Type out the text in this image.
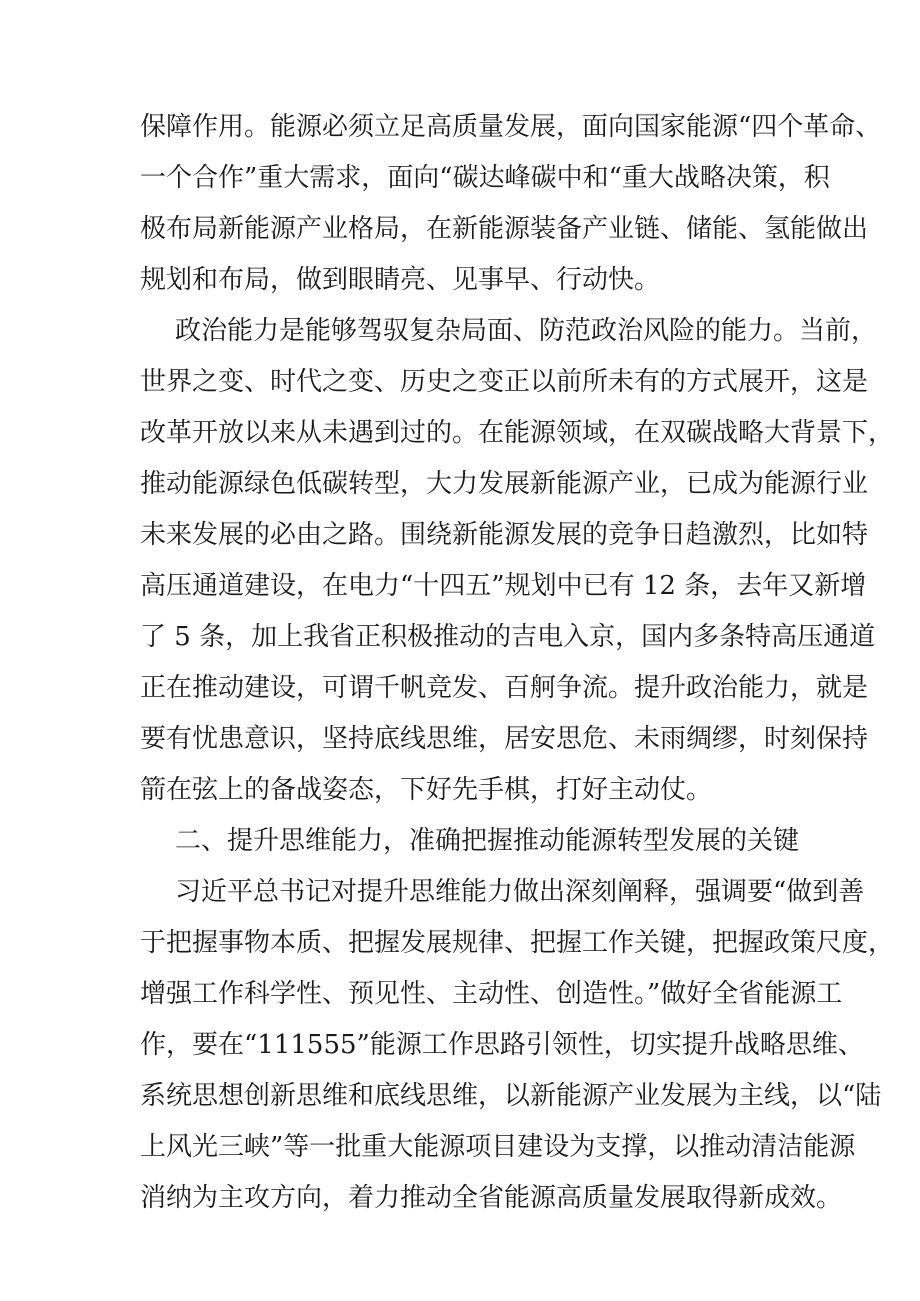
保障作用。能源必须立足高质量发展，面向国家能源“四个革命、
一个合作”重大需求，面向“碳达峰碳中和“重大战略决策，积
极布局新能源产业格局，在新能源装备产业链、储能、氢能做出
规划和布局，做到眼睛亮、见事早、行动快。
政治能力是能够驾驭复杂局面、防范政治风险的能力。当前，
世界之变、时代之变、历史之变正以前所未有的方式展开，这是
改革开放以来从未遇到过的。在能源领域，在双碳战略大背景下，
推动能源绿色低碳转型，大力发展新能源产业，已成为能源行业
未来发展的必由之路。围绕新能源发展的竞争日趋激烈，比如特
高压通道建设，在电力“十四五”规划中已有 12 条，去年又新增
了 5 条，加上我省正积极推动的吉电入京，国内多条特高压通道
正在推动建设，可谓千帆竞发、百舸争流。提升政治能力，就是
要有忧患意识，坚持底线思维，居安思危、未雨绸缪，时刻保持
箭在弦上的备战姿态，下好先手棋，打好主动仗。
二、提升思维能力，准确把握推动能源转型发展的关键
习近平总书记对提升思维能力做出深刻阐释，强调要“做到善
于把握事物本质、把握发展规律、把握工作关键，把握政策尺度，
增强工作科学性、预见性、主动性、创造性。”做好全省能源工
作，要在“111555”能源工作思路引领性，切实提升战略思维、
系统思想创新思维和底线思维，以新能源产业发展为主线，以“陆
上风光三峡”等一批重大能源项目建设为支撑，以推动清洁能源
消纳为主攻方向，着力推动全省能源高质量发展取得新成效。
